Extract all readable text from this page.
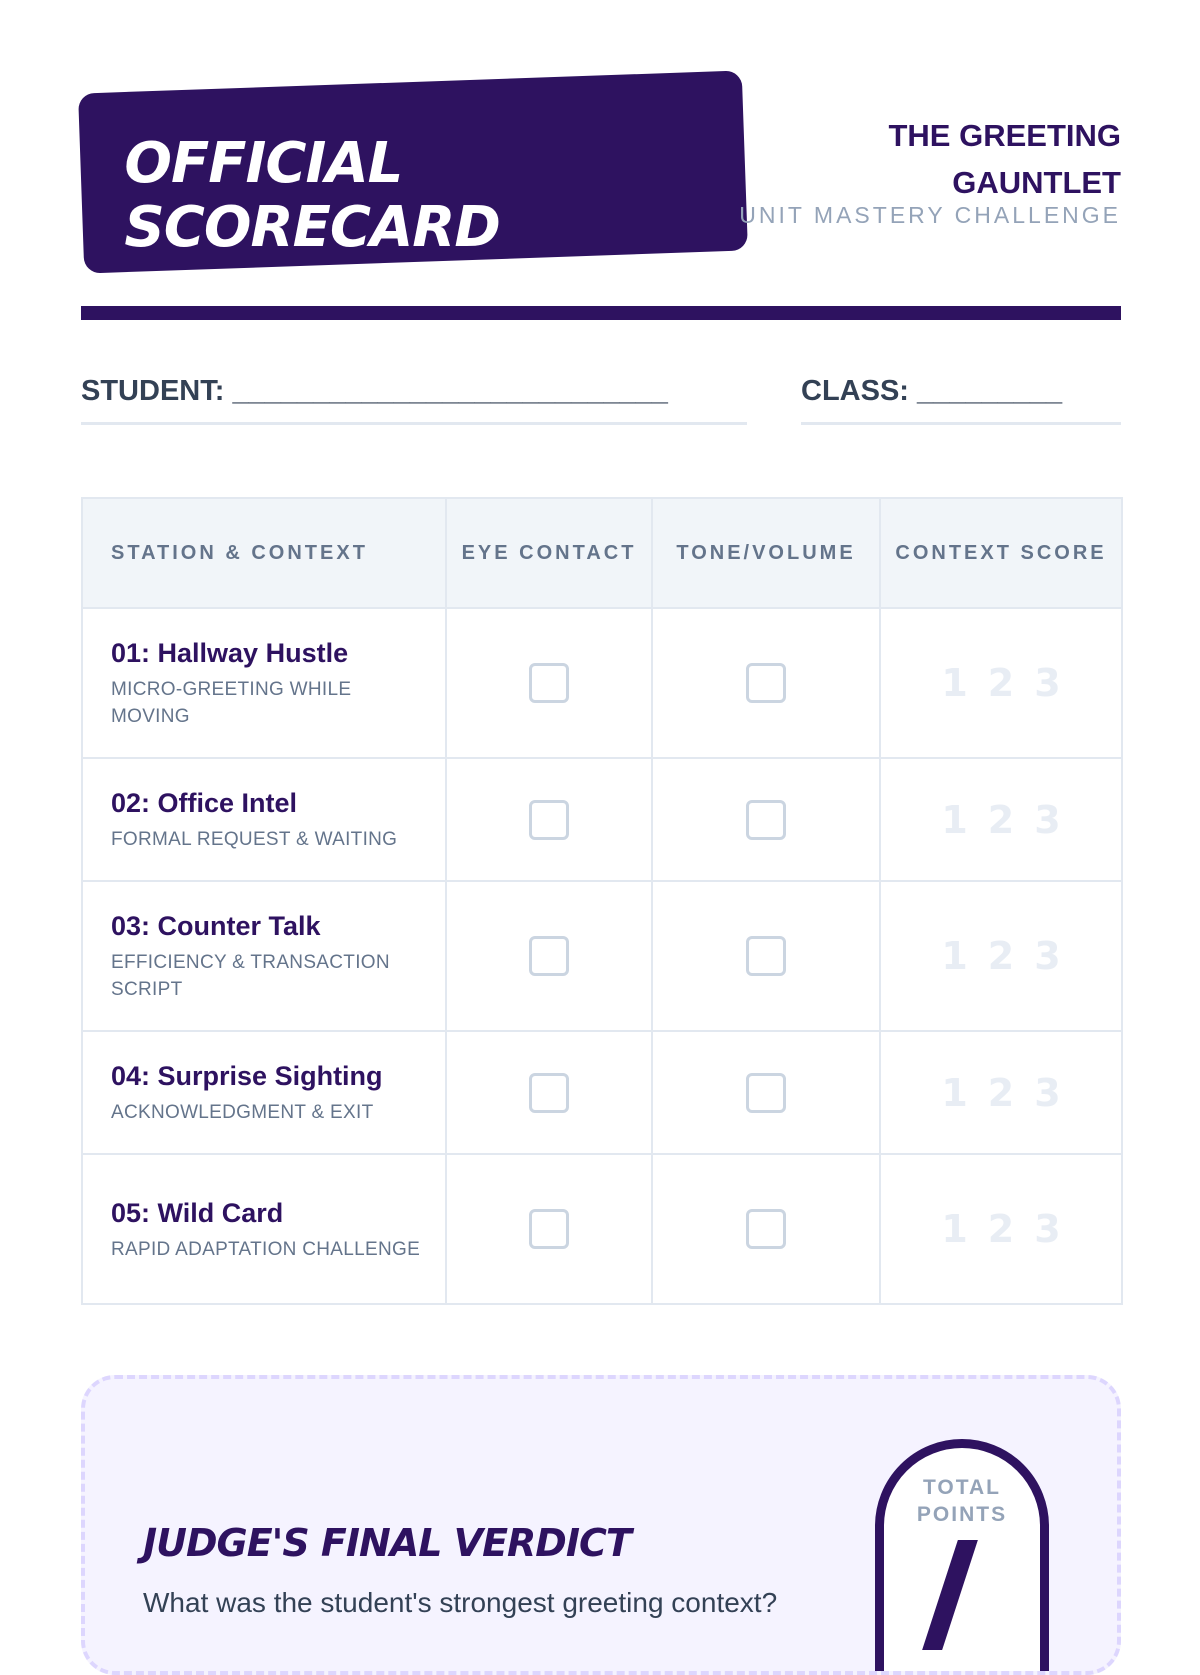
OFFICIAL
SCORECARD
THE GREETING GAUNTLET
UNIT MASTERY CHALLENGE
STUDENT: ___________________________	CLASS: _________
STATION & CONTEXT	EYE CONTACT	TONE/VOLUME	CONTEXT SCORE

01: Hallway Hustle
MICRO-GREETING WHILE MOVING			1 2 3

02: Office Intel
FORMAL REQUEST & WAITING			1 2 3

03: Counter Talk
EFFICIENCY & TRANSACTION SCRIPT			1 2 3

04: Surprise Sighting
ACKNOWLEDGMENT & EXIT			1 2 3

05: Wild Card
RAPID ADAPTATION CHALLENGE			1 2 3
JUDGE'S FINAL VERDICT
What was the student's strongest greeting context?
TOTAL POINTS
